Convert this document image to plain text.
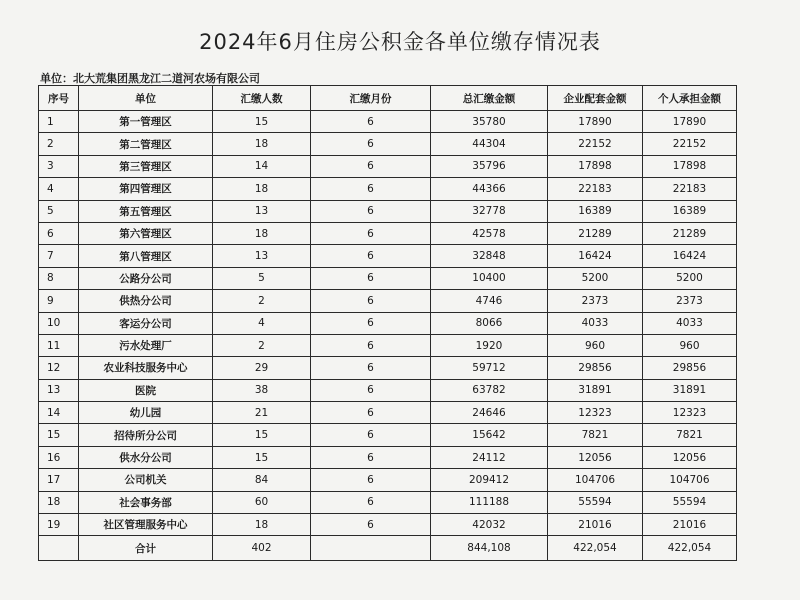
2024年6月住房公积金各单位缴存情况表
单位：北大荒集团黑龙江二道河农场有限公司
序号	单位	汇缴人数	汇缴月份	总汇缴金额	企业配套金额	个人承担金额
1	第一管理区	15	6	35780	17890	17890
2	第二管理区	18	6	44304	22152	22152
3	第三管理区	14	6	35796	17898	17898
4	第四管理区	18	6	44366	22183	22183
5	第五管理区	13	6	32778	16389	16389
6	第六管理区	18	6	42578	21289	21289
7	第八管理区	13	6	32848	16424	16424
8	公路分公司	5	6	10400	5200	5200
9	供热分公司	2	6	4746	2373	2373
10	客运分公司	4	6	8066	4033	4033
11	污水处理厂	2	6	1920	960	960
12	农业科技服务中心	29	6	59712	29856	29856
13	医院	38	6	63782	31891	31891
14	幼儿园	21	6	24646	12323	12323
15	招待所分公司	15	6	15642	7821	7821
16	供水分公司	15	6	24112	12056	12056
17	公司机关	84	6	209412	104706	104706
18	社会事务部	60	6	111188	55594	55594
19	社区管理服务中心	18	6	42032	21016	21016
	合计	402		844,108	422,054	422,054
